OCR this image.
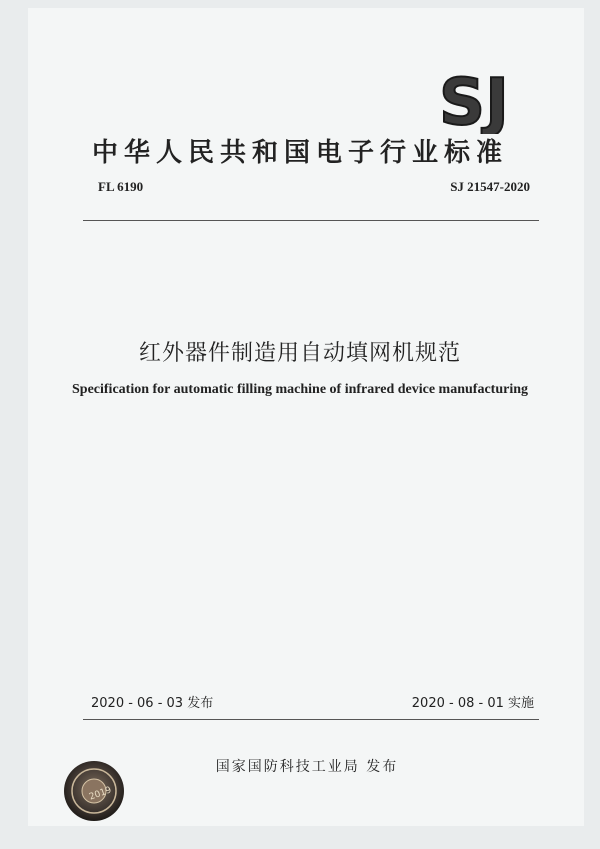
SJ
中华人民共和国电子行业标准
FL 6190	SJ 21547-2020
红外器件制造用自动填网机规范
Specification for automatic filling machine of infrared device manufacturing
2020 - 06 - 03 发布	2020 - 08 - 01 实施
国家国防科技工业局 发布
2019
